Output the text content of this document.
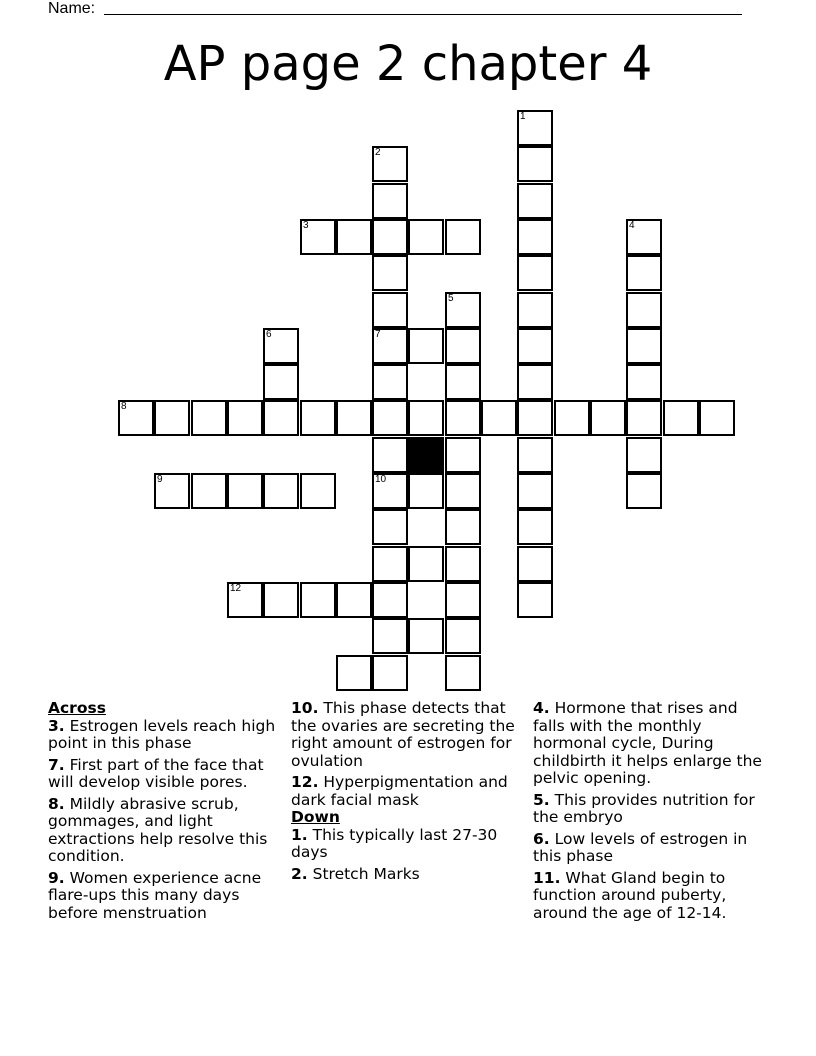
Name:
AP page 2 chapter 4
1
2
7
10
3	4
5
6
8
9
12
Across
3. Estrogen levels reach high point in this phase
7. First part of the face that will develop visible pores.
8. Mildly abrasive scrub, gommages, and light extractions help resolve this condition.
9. Women experience acne flare-ups this many days before menstruation
10. This phase detects that the ovaries are secreting the right amount of estrogen for ovulation
12. Hyperpigmentation and dark facial mask
Down
1. This typically last 27-30 days
2. Stretch Marks
4. Hormone that rises and falls with the monthly hormonal cycle, During childbirth it helps enlarge the pelvic opening.
5. This provides nutrition for the embryo
6. Low levels of estrogen in this phase
11. What Gland begin to function around puberty, around the age of 12-14.
